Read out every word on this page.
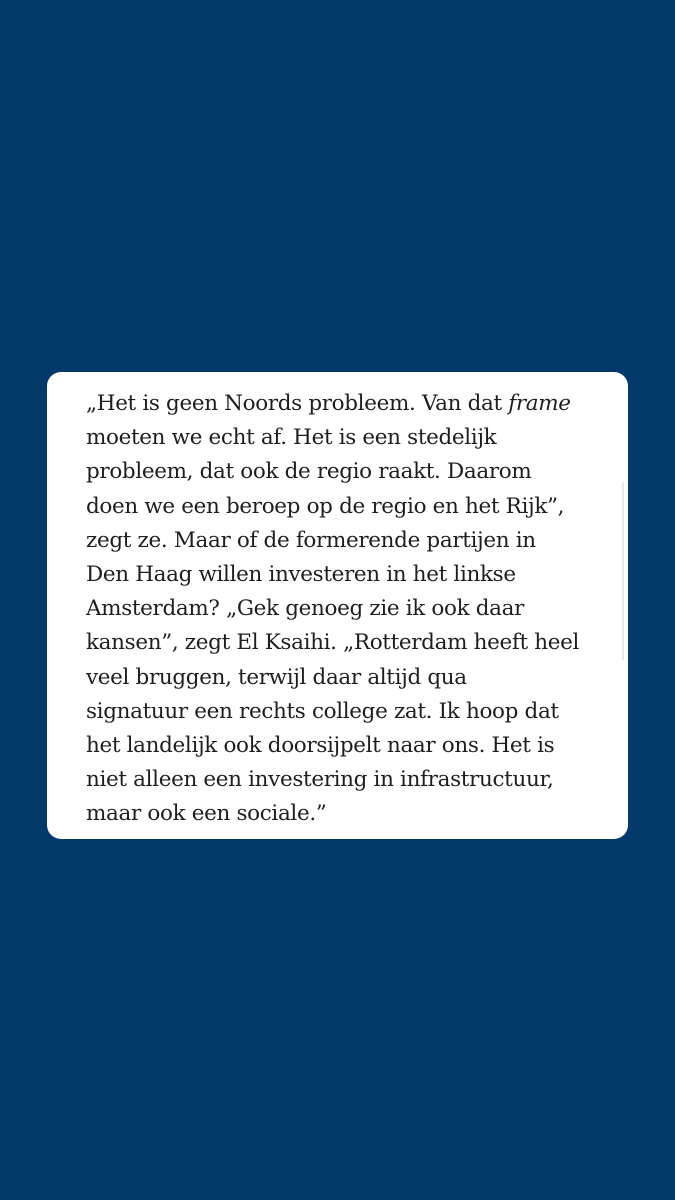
„Het is geen Noords probleem. Van dat frame
moeten we echt af. Het is een stedelijk
probleem, dat ook de regio raakt. Daarom
doen we een beroep op de regio en het Rijk”,
zegt ze. Maar of de formerende partijen in
Den Haag willen investeren in het linkse
Amsterdam? „Gek genoeg zie ik ook daar
kansen”, zegt El Ksaihi. „Rotterdam heeft heel
veel bruggen, terwijl daar altijd qua
signatuur een rechts college zat. Ik hoop dat
het landelijk ook doorsijpelt naar ons. Het is
niet alleen een investering in infrastructuur,
maar ook een sociale.”
